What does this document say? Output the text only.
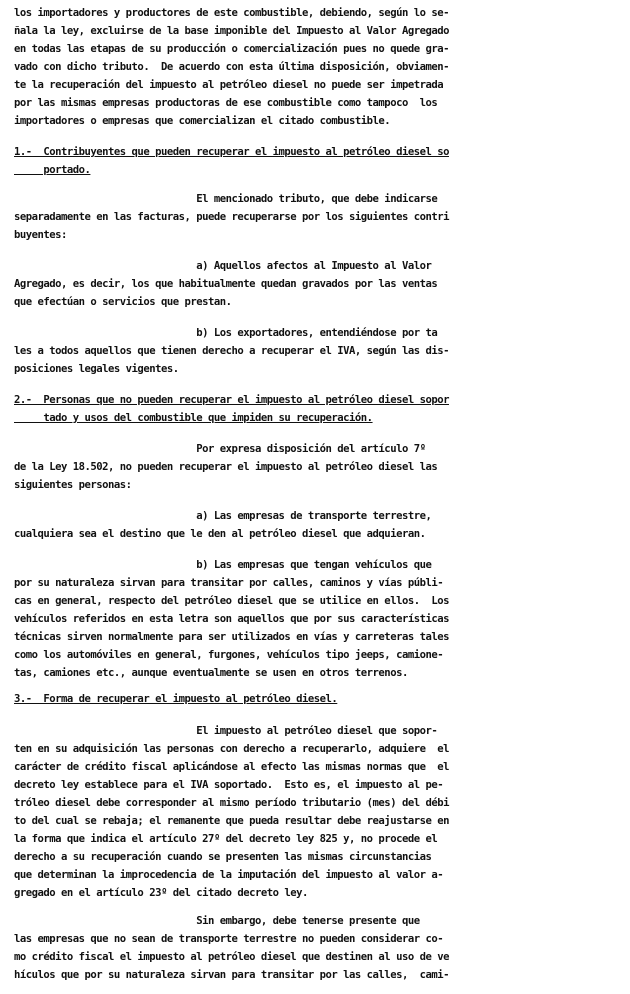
los importadores y productores de este combustible, debiendo, según lo se-
ñala la ley, excluirse de la base imponible del Impuesto al Valor Agregado
en todas las etapas de su producción o comercialización pues no quede gra-
vado con dicho tributo.  De acuerdo con esta última disposición, obviamen-
te la recuperación del impuesto al petróleo diesel no puede ser impetrada
por las mismas empresas productoras de ese combustible como tampoco  los
importadores o empresas que comercializan el citado combustible.
1.-  Contribuyentes que pueden recuperar el impuesto al petróleo diesel so
portado.
El mencionado tributo, que debe indicarse
separadamente en las facturas, puede recuperarse por los siguientes contri
buyentes:
a) Aquellos afectos al Impuesto al Valor
Agregado, es decir, los que habitualmente quedan gravados por las ventas
que efectúan o servicios que prestan.
b) Los exportadores, entendiéndose por ta
les a todos aquellos que tienen derecho a recuperar el IVA, según las dis-
posiciones legales vigentes.
2.-  Personas que no pueden recuperar el impuesto al petróleo diesel sopor
tado y usos del combustible que impiden su recuperación.
Por expresa disposición del artículo 7º
de la Ley 18.502, no pueden recuperar el impuesto al petróleo diesel las
siguientes personas:
a) Las empresas de transporte terrestre,
cualquiera sea el destino que le den al petróleo diesel que adquieran.
b) Las empresas que tengan vehículos que
por su naturaleza sirvan para transitar por calles, caminos y vías públi-
cas en general, respecto del petróleo diesel que se utilice en ellos.  Los
vehículos referidos en esta letra son aquellos que por sus características
técnicas sirven normalmente para ser utilizados en vías y carreteras tales
como los automóviles en general, furgones, vehículos tipo jeeps, camione-
tas, camiones etc., aunque eventualmente se usen en otros terrenos.
3.-  Forma de recuperar el impuesto al petróleo diesel.
El impuesto al petróleo diesel que sopor-
ten en su adquisición las personas con derecho a recuperarlo, adquiere  el
carácter de crédito fiscal aplicándose al efecto las mismas normas que  el
decreto ley establece para el IVA soportado.  Esto es, el impuesto al pe-
tróleo diesel debe corresponder al mismo período tributario (mes) del débi
to del cual se rebaja; el remanente que pueda resultar debe reajustarse en
la forma que indica el artículo 27º del decreto ley 825 y, no procede el
derecho a su recuperación cuando se presenten las mismas circunstancias
que determinan la improcedencia de la imputación del impuesto al valor a-
gregado en el artículo 23º del citado decreto ley.
Sin embargo, debe tenerse presente que
las empresas que no sean de transporte terrestre no pueden considerar co-
mo crédito fiscal el impuesto al petróleo diesel que destinen al uso de ve
hículos que por su naturaleza sirvan para transitar por las calles,  cami-
